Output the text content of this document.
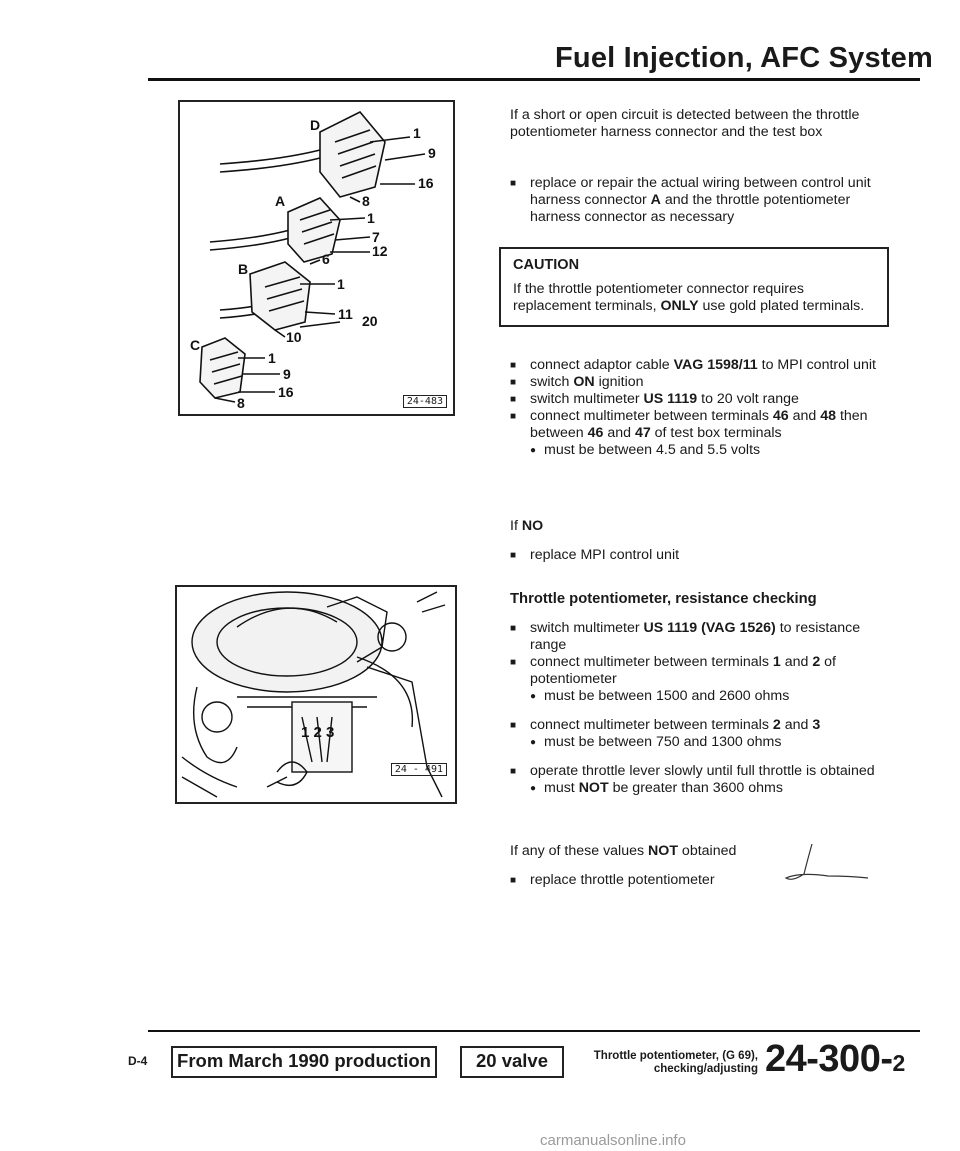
Fuel Injection, AFC System
D	1
9
16
8
A
1
7
12
6
B
1
11 20
10
C
1
9
16
8	24-483
1 2 3
24 - 491

If a short or open circuit is detected between the throttle potentiometer harness connector and the test box

■ replace or repair the actual wiring between control unit harness connector A and the throttle potentiometer harness connector as necessary
CAUTION
If the throttle potentiometer connector requires replacement terminals, ONLY use gold plated terminals.
■ connect adaptor cable VAG 1598/11 to MPI control unit
■ switch ON ignition
■ switch multimeter US 1119 to 20 volt range
■ connect multimeter between terminals 46 and 48 then between 46 and 47 of test box terminals
● must be between 4.5 and 5.5 volts
If NO
■ replace MPI control unit
Throttle potentiometer, resistance checking
■ switch multimeter US 1119 (VAG 1526) to resistance range
■ connect multimeter between terminals 1 and 2 of potentiometer
● must be between 1500 and 2600 ohms
■ connect multimeter between terminals 2 and 3
● must be between 750 and 1300 ohms
■ operate throttle lever slowly until full throttle is obtained
● must NOT be greater than 3600 ohms
If any of these values NOT obtained
■ replace throttle potentiometer
D-4	From March 1990 production	20 valve	Throttle potentiometer, (G 69),
checking/adjusting 24-300-2
carmanualsonline.info
